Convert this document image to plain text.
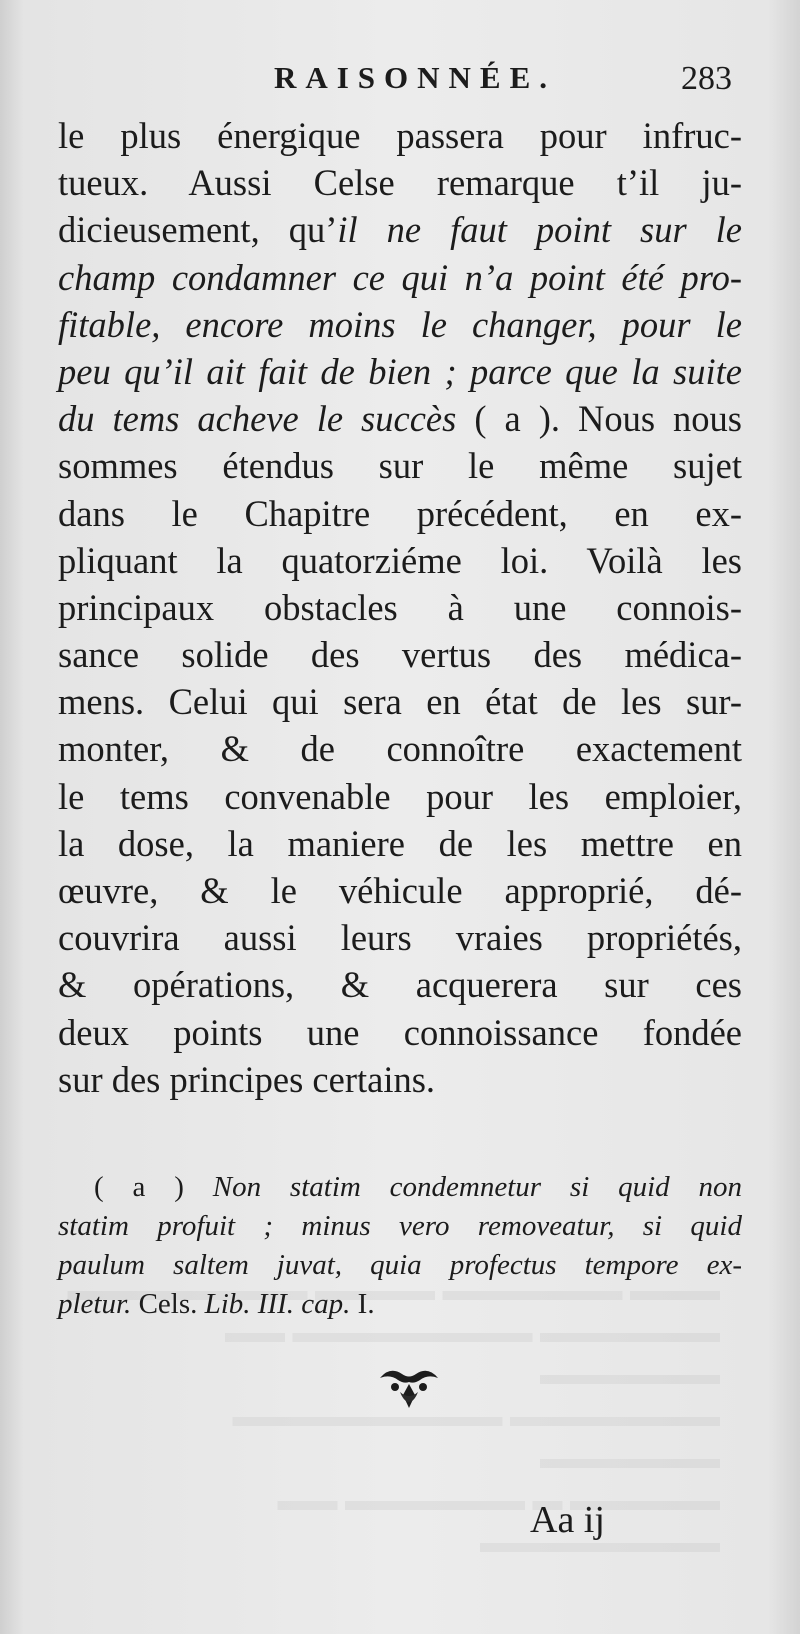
RAISONNÉE.	283
le plus énergique passera pour infruc-
tueux. Aussi Celse remarque t’il ju-
dicieusement, qu’il ne faut point sur le
champ condamner ce qui n’a point été pro-
fitable, encore moins le changer, pour le
peu qu’il ait fait de bien ; parce que la suite
du tems acheve le succès ( a ). Nous nous
sommes étendus sur le même sujet
dans le Chapitre précédent, en ex-
pliquant la quatorziéme loi. Voilà les
principaux obstacles à une connois-
sance solide des vertus des médica-
mens. Celui qui sera en état de les sur-
monter, & de connoître exactement
le tems convenable pour les emploier,
la dose, la maniere de les mettre en
œuvre, & le véhicule approprié, dé-
couvrira aussi leurs vraies propriétés,
& opérations, & acquerera sur ces
deux points une connoissance fondée
sur des principes certains.
( a ) Non statim condemnetur si quid non
statim profuit ; minus vero removeatur, si quid
paulum saltem juvat, quia profectus tempore ex-
pletur. Cels. Lib. III. cap. I.
Aa ij
